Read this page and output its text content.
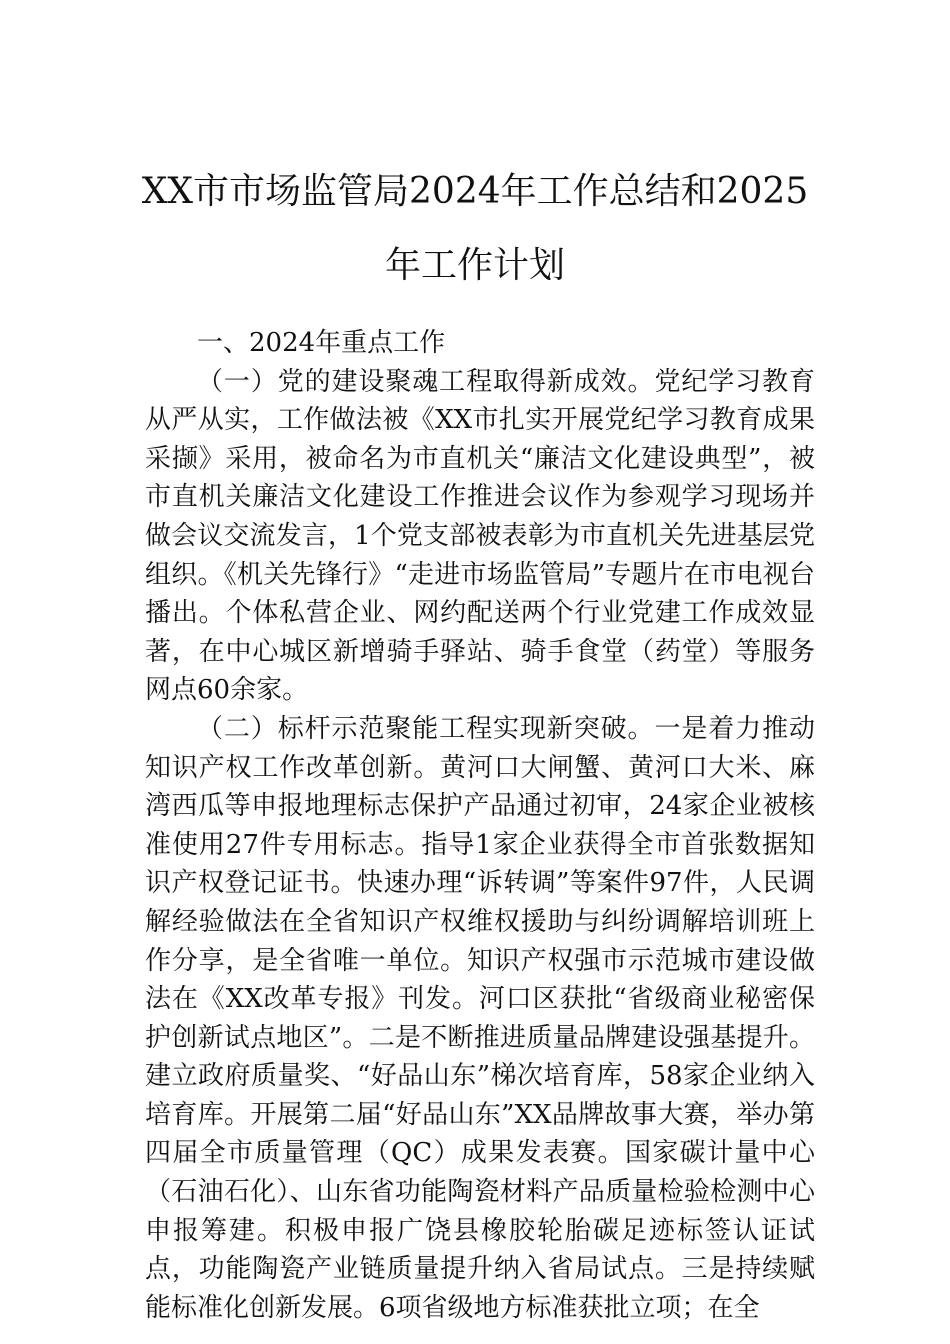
XX市市场监管局2024年工作总结和2025年工作计划

一、2024年重点工作

（一）党的建设聚魂工程取得新成效。党纪学习教育从严从实，工作做法被《XX市扎实开展党纪学习教育成果采撷》采用，被命名为市直机关“廉洁文化建设典型”，被市直机关廉洁文化建设工作推进会议作为参观学习现场并做会议交流发言，1个党支部被表彰为市直机关先进基层党组织。《机关先锋行》“走进市场监管局”专题片在市电视台播出。个体私营企业、网约配送两个行业党建工作成效显著，在中心城区新增骑手驿站、骑手食堂（药堂）等服务网点60余家。

（二）标杆示范聚能工程实现新突破。一是着力推动知识产权工作改革创新。黄河口大闸蟹、黄河口大米、麻湾西瓜等申报地理标志保护产品通过初审，24家企业被核准使用27件专用标志。指导1家企业获得全市首张数据知识产权登记证书。快速办理“诉转调”等案件97件，人民调解经验做法在全省知识产权维权援助与纠纷调解培训班上作分享，是全省唯一单位。知识产权强市示范城市建设做法在《XX改革专报》刊发。河口区获批“省级商业秘密保护创新试点地区”。二是不断推进质量品牌建设强基提升。建立政府质量奖、“好品山东”梯次培育库，58家企业纳入培育库。开展第二届“好品山东”XX品牌故事大赛，举办第四届全市质量管理（QC）成果发表赛。国家碳计量中心（石油石化）、山东省功能陶瓷材料产品质量检验检测中心申报筹建。积极申报广饶县橡胶轮胎碳足迹标签认证试点，功能陶瓷产业链质量提升纳入省局试点。三是持续赋能标准化创新发展。6项省级地方标准获批立项；在全
